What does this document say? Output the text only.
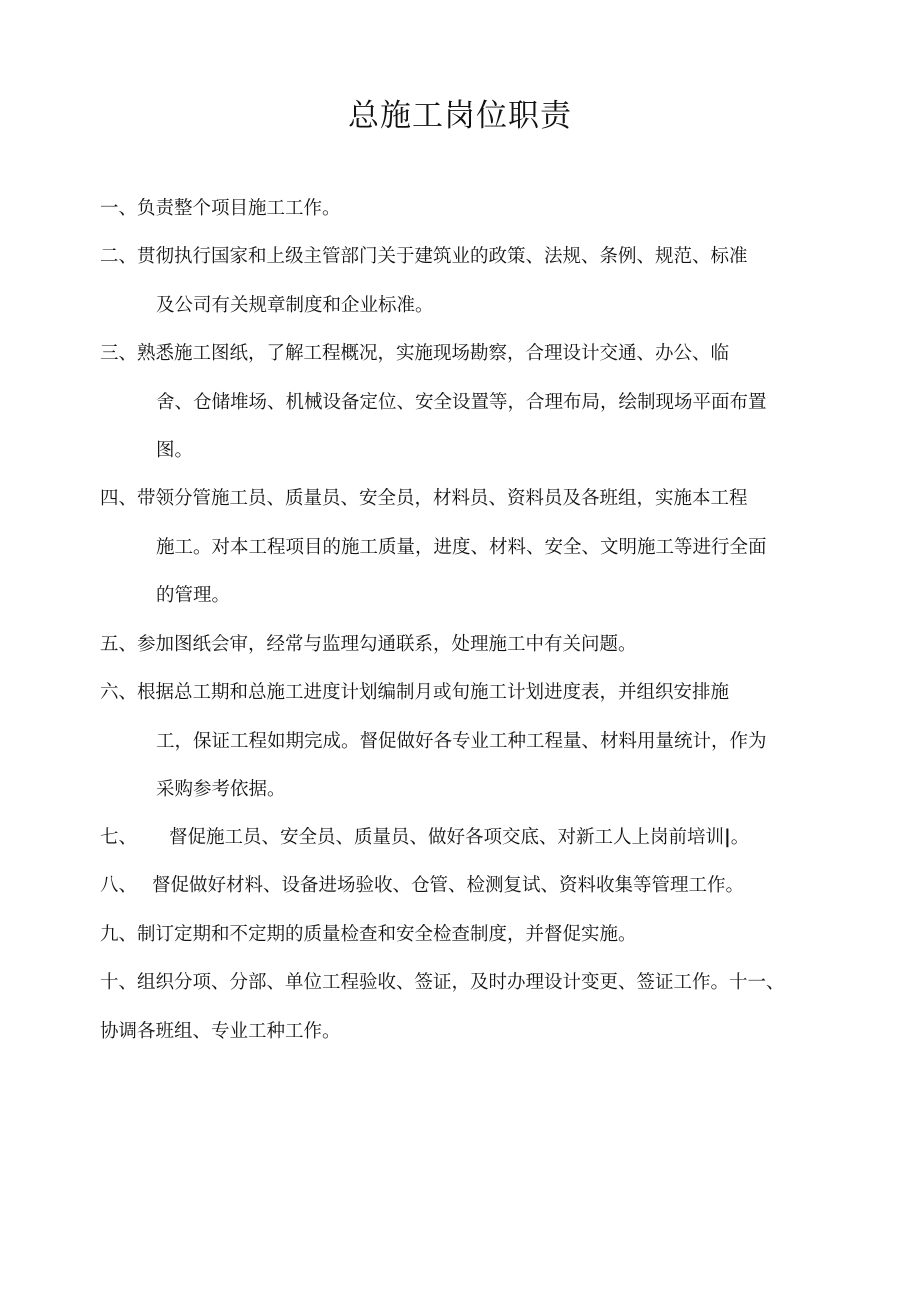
总施工岗位职责
一、负责整个项目施工工作。
二、贯彻执行国家和上级主管部门关于建筑业的政策、法规、条例、规范、标准
及公司有关规章制度和企业标准。
三、熟悉施工图纸，了解工程概况，实施现场勘察，合理设计交通、办公、临
舍、仓储堆场、机械设备定位、安全设置等，合理布局，绘制现场平面布置
图。
四、带领分管施工员、质量员、安全员，材料员、资料员及各班组，实施本工程
施工。对本工程项目的施工质量，进度、材料、安全、文明施工等进行全面
的管理。
五、参加图纸会审，经常与监理勾通联系，处理施工中有关问题。
六、根据总工期和总施工进度计划编制月或旬施工计划进度表，并组织安排施
工，保证工程如期完成。督促做好各专业工种工程量、材料用量统计，作为
采购参考依据。
七、 督促施工员、安全员、质量员、做好各项交底、对新工人上岗前培训|。
八、 督促做好材料、设备进场验收、仓管、检测复试、资料收集等管理工作。
九、制订定期和不定期的质量检查和安全检查制度，并督促实施。
十、组织分项、分部、单位工程验收、签证，及时办理设计变更、签证工作。十一、
协调各班组、专业工种工作。
